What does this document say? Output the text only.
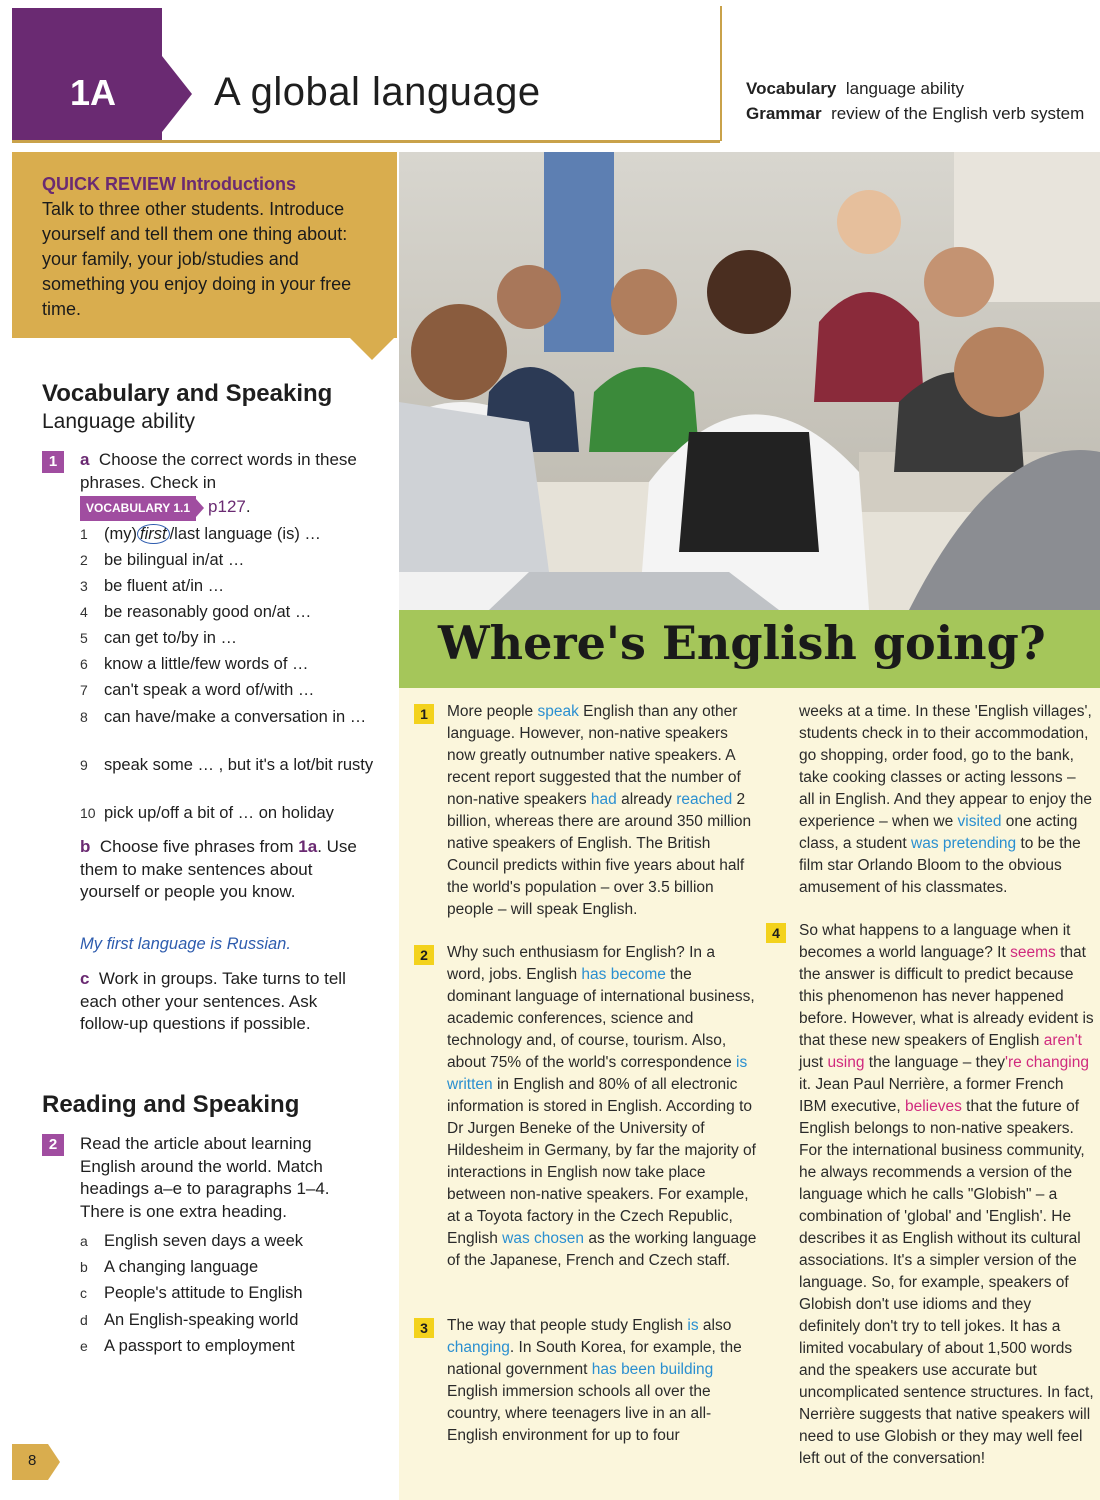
1A A global language	Vocabulary language ability
Grammar review of the English verb system
QUICK REVIEW Introductions
Talk to three other students. Introduce yourself and tell them one thing about: your family, your job/studies and something you enjoy doing in your free time.
Vocabulary and Speaking
Language ability
1	a Choose the correct words in these phrases. Check in
VOCABULARY 1.1 p127.
1 (my) first /last language (is) …
2 be bilingual in/at …
3 be fluent at/in …
4 be reasonably good on/at …
5 can get to/by in …
6 know a little/few words of …
7 can't speak a word of/with …
8 can have/make a conversation in …
9 speak some … , but it's a lot/bit rusty
10 pick up/off a bit of … on holiday
b Choose five phrases from 1a. Use them to make sentences about yourself or people you know.
My first language is Russian.
c Work in groups. Take turns to tell each other your sentences. Ask follow-up questions if possible.
Reading and Speaking
2	Read the article about learning English around the world. Match headings a–e to paragraphs 1–4. There is one extra heading.
a English seven days a week
b A changing language
c People's attitude to English
d An English-speaking world
e A passport to employment
Where's English going?
1	More people speak English than any other language. However, non-native speakers now greatly outnumber native speakers. A recent report suggested that the number of non-native speakers had already reached 2 billion, whereas there are around 350 million native speakers of English. The British Council predicts within five years about half the world's population – over 3.5 billion people – will speak English.
2	Why such enthusiasm for English? In a word, jobs. English has become the dominant language of international business, academic conferences, science and technology and, of course, tourism. Also, about 75% of the world's correspondence is written in English and 80% of all electronic information is stored in English. According to Dr Jurgen Beneke of the University of Hildesheim in Germany, by far the majority of interactions in English now take place between non-native speakers. For example, at a Toyota factory in the Czech Republic, English was chosen as the working language of the Japanese, French and Czech staff.
3	The way that people study English is also changing. In South Korea, for example, the national government has been building English immersion schools all over the country, where teenagers live in an all-English environment for up to four
weeks at a time. In these 'English villages', students check in to their accommodation, go shopping, order food, go to the bank, take cooking classes or acting lessons – all in English. And they appear to enjoy the experience – when we visited one acting class, a student was pretending to be the film star Orlando Bloom to the obvious amusement of his classmates.
4	So what happens to a language when it becomes a world language? It seems that the answer is difficult to predict because this phenomenon has never happened before. However, what is already evident is that these new speakers of English aren't just using the language – they're changing it. Jean Paul Nerrière, a former French IBM executive, believes that the future of English belongs to non-native speakers. For the international business community, he always recommends a version of the language which he calls "Globish" – a combination of 'global' and 'English'. He describes it as English without its cultural associations. It's a simpler version of the language. So, for example, speakers of Globish don't use idioms and they definitely don't try to tell jokes. It has a limited vocabulary of about 1,500 words and the speakers use accurate but uncomplicated sentence structures. In fact, Nerrière suggests that native speakers will need to use Globish or they may well feel left out of the conversation!
8
